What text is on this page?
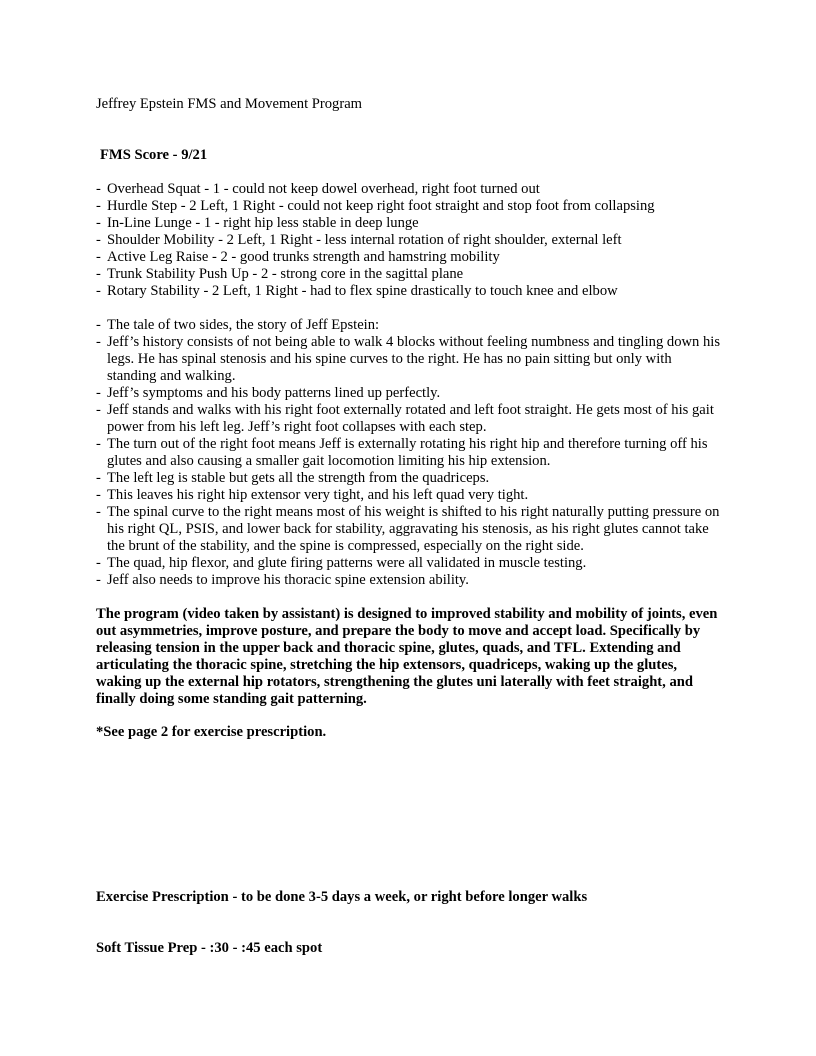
Jeffrey Epstein FMS and Movement Program
FMS Score - 9/21
- Overhead Squat - 1 - could not keep dowel overhead, right foot turned out
- Hurdle Step - 2 Left, 1 Right - could not keep right foot straight and stop foot from collapsing
- In-Line Lunge - 1 - right hip less stable in deep lunge
- Shoulder Mobility - 2 Left, 1 Right - less internal rotation of right shoulder, external left
- Active Leg Raise - 2 - good trunks strength and hamstring mobility
- Trunk Stability Push Up - 2 - strong core in the sagittal plane
- Rotary Stability - 2 Left, 1 Right - had to flex spine drastically to touch knee and elbow
- The tale of two sides, the story of Jeff Epstein:
- Jeff’s history consists of not being able to walk 4 blocks without feeling numbness and tingling down his legs. He has spinal stenosis and his spine curves to the right. He has no pain sitting but only with standing and walking.
- Jeff’s symptoms and his body patterns lined up perfectly.
- Jeff stands and walks with his right foot externally rotated and left foot straight. He gets most of his gait power from his left leg. Jeff’s right foot collapses with each step.
- The turn out of the right foot means Jeff is externally rotating his right hip and therefore turning off his glutes and also causing a smaller gait locomotion limiting his hip extension.
- The left leg is stable but gets all the strength from the quadriceps.
- This leaves his right hip extensor very tight, and his left quad very tight.
- The spinal curve to the right means most of his weight is shifted to his right naturally putting pressure on his right QL, PSIS, and lower back for stability, aggravating his stenosis, as his right glutes cannot take the brunt of the stability, and the spine is compressed, especially on the right side.
- The quad, hip flexor, and glute firing patterns were all validated in muscle testing.
- Jeff also needs to improve his thoracic spine extension ability.
The program (video taken by assistant) is designed to improved stability and mobility of joints, even out asymmetries, improve posture, and prepare the body to move and accept load. Specifically by releasing tension in the upper back and thoracic spine, glutes, quads, and TFL. Extending and articulating the thoracic spine, stretching the hip extensors, quadriceps, waking up the glutes, waking up the external hip rotators, strengthening the glutes uni laterally with feet straight, and finally doing some standing gait patterning.
*See page 2 for exercise prescription.
Exercise Prescription - to be done 3-5 days a week, or right before longer walks
Soft Tissue Prep - :30 - :45 each spot
